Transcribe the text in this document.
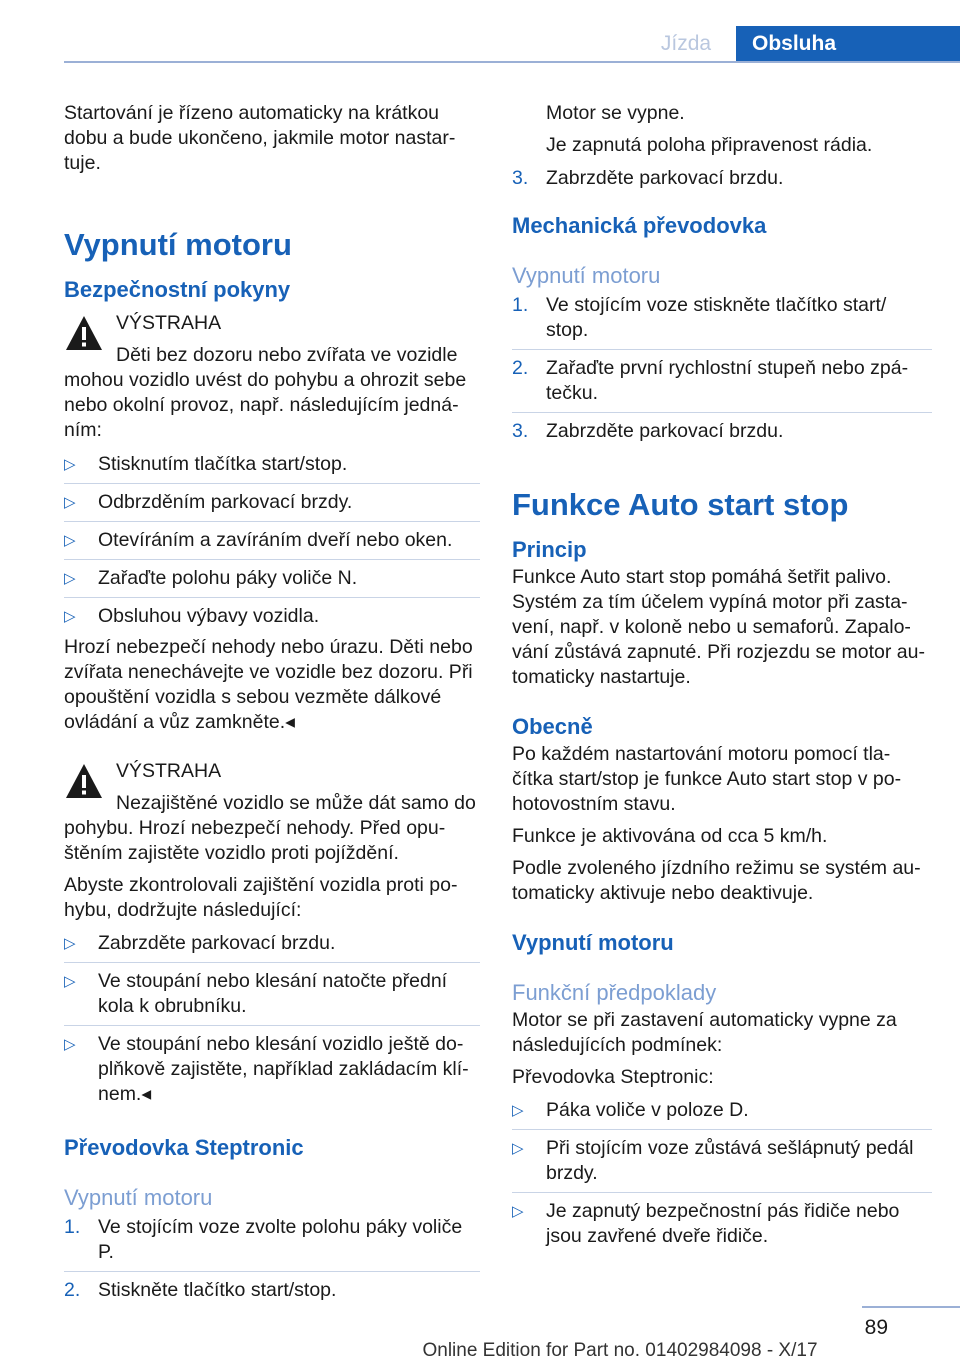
Jízda	Obsluha

Startování je řízeno automaticky na krátkou dobu a bude ukončeno, jakmile motor nastar- tuje.

Vypnutí motoru
Bezpečnostní pokyny
VÝSTRAHA

Děti bez dozoru nebo zvířata ve vozidle mohou vozidlo uvést do pohybu a ohrozit sebe nebo okolní provoz, např. následujícím jedná- ním:

▷ Stisknutím tlačítka start/stop.
▷ Odbrzděním parkovací brzdy.
▷ Otevíráním a zavíráním dveří nebo oken.
▷ Zařaďte polohu páky voliče N.
▷ Obsluhou výbavy vozidla.

Hrozí nebezpečí nehody nebo úrazu. Děti nebo zvířata nenechávejte ve vozidle bez dozoru. Při opouštění vozidla s sebou vezměte dálkové ovládání a vůz zamkněte.◂

VÝSTRAHA

Nezajištěné vozidlo se může dát samo do pohybu. Hrozí nebezpečí nehody. Před opu- štěním zajistěte vozidlo proti pojíždění.

Abyste zkontrolovali zajištění vozidla proti po- hybu, dodržujte následující:

▷ Zabrzděte parkovací brzdu.
▷ Ve stoupání nebo klesání natočte přední kola k obrubníku.
▷ Ve stoupání nebo klesání vozidlo ještě do- plňkově zajistěte, například zakládacím klí- nem.◂
Převodovka Steptronic
Vypnutí motoru
1. Ve stojícím voze zvolte polohu páky voliče P.
2. Stiskněte tlačítko start/stop.

Motor se vypne.

Je zapnutá poloha připravenost rádia.

3. Zabrzděte parkovací brzdu.
Mechanická převodovka
Vypnutí motoru
1. Ve stojícím voze stiskněte tlačítko start/ stop.
2. Zařaďte první rychlostní stupeň nebo zpá- tečku.
3. Zabrzděte parkovací brzdu.
Funkce Auto start stop
Princip

Funkce Auto start stop pomáhá šetřit palivo. Systém za tím účelem vypíná motor při zasta- vení, např. v koloně nebo u semaforů. Zapalo- vání zůstává zapnuté. Při rozjezdu se motor au- tomaticky nastartuje.

Obecně

Po každém nastartování motoru pomocí tla- čítka start/stop je funkce Auto start stop v po- hotovostním stavu.

Funkce je aktivována od cca 5 km/h.

Podle zvoleného jízdního režimu se systém au- tomaticky aktivuje nebo deaktivuje.

Vypnutí motoru
Funkční předpoklady

Motor se při zastavení automaticky vypne za následujících podmínek:

Převodovka Steptronic:

▷ Páka voliče v poloze D.
▷ Při stojícím voze zůstává sešlápnutý pedál brzdy.
▷ Je zapnutý bezpečnostní pás řidiče nebo jsou zavřené dveře řidiče.
89
Online Edition for Part no. 01402984098 - X/17
